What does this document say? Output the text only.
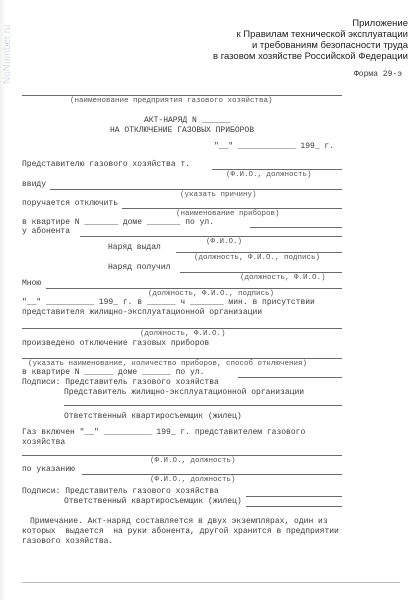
NoNumber.ru
Приложение
к Правилам технической эксплуатации
и требованиям безопасности труда
в газовом хозяйстве Российской Федерации
Форма 29-э
(наименование предприятия газового хозяйства)
АКТ-НАРЯД N ______
НА ОТКЛЮЧЕНИЕ ГАЗОВЫХ ПРИБОРОВ
"__" ____________ 199_ г.
Представителю газового хозяйства т.
(Ф.И.О., должность)
ввиду
(указать причину)
поручается отключить
(наименование приборов)
в квартире N _______ доме _______ по ул.
у абонента
(Ф.И.О.)
Наряд выдал
(должность, Ф.И.О., подпись)
Наряд получил
(должность, Ф.И.О.)
Мною
(должность, Ф.И.О., подпись)
"__" __________ 199_ г. в ______ ч _______ мин. в присутствии
представителя жилищно-эксплуатационной организации
(должность, Ф.И.О.)
произведено отключение газовых приборов
(указать наименование, количество приборов, способ отключения)
в квартире N ______ доме ______ по ул.
Подписи: Представитель газового хозяйства
Представитель жилищно-эксплуатационной организации
Ответственный квартиросъемщик (жилец)
Газ включен "__" __________ 199_ г. представителем газового
хозяйства
(Ф.И.О., должность)
по указанию
(Ф.И.О., должность)
Подписи: Представитель газового хозяйства
Ответственный квартиросъемщик (жилец)
Примечание. Акт-наряд составляется в двух экземплярах, один из
которых  выдается  на руки абонента, другой хранится в предприятии
газового хозяйства.
